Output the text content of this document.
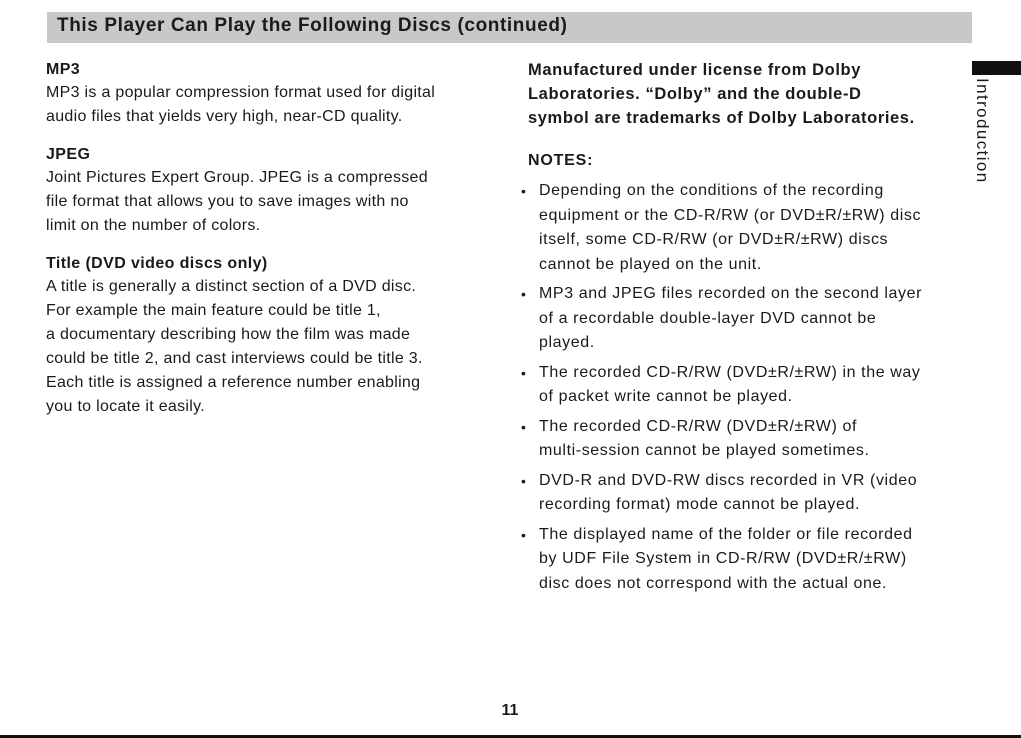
This Player Can Play the Following Discs (continued)
Introduction
MP3
MP3 is a popular compression format used for digital
audio files that yields very high, near-CD quality.
JPEG
Joint Pictures Expert Group. JPEG is a compressed
file format that allows you to save images with no
limit on the number of colors.
Title (DVD video discs only)
A title is generally a distinct section of a DVD disc.
For example the main feature could be title 1,
a documentary describing how the film was made
could be title 2, and cast interviews could be title 3.
Each title is assigned a reference number enabling
you to locate it easily.
Manufactured under license from Dolby
Laboratories. “Dolby” and the double-D
symbol are trademarks of Dolby Laboratories.
NOTES:
• Depending on the conditions of the recording
equipment or the CD-R/RW (or DVD±R/±RW) disc
itself, some CD-R/RW (or DVD±R/±RW) discs
cannot be played on the unit.
• MP3 and JPEG files recorded on the second layer
of a recordable double-layer DVD cannot be
played.
• The recorded CD-R/RW (DVD±R/±RW) in the way
of packet write cannot be played.
• The recorded CD-R/RW (DVD±R/±RW) of
multi-session cannot be played sometimes.
• DVD-R and DVD-RW discs recorded in VR (video
recording format) mode cannot be played.
• The displayed name of the folder or file recorded
by UDF File System in CD-R/RW (DVD±R/±RW)
disc does not correspond with the actual one.
11
